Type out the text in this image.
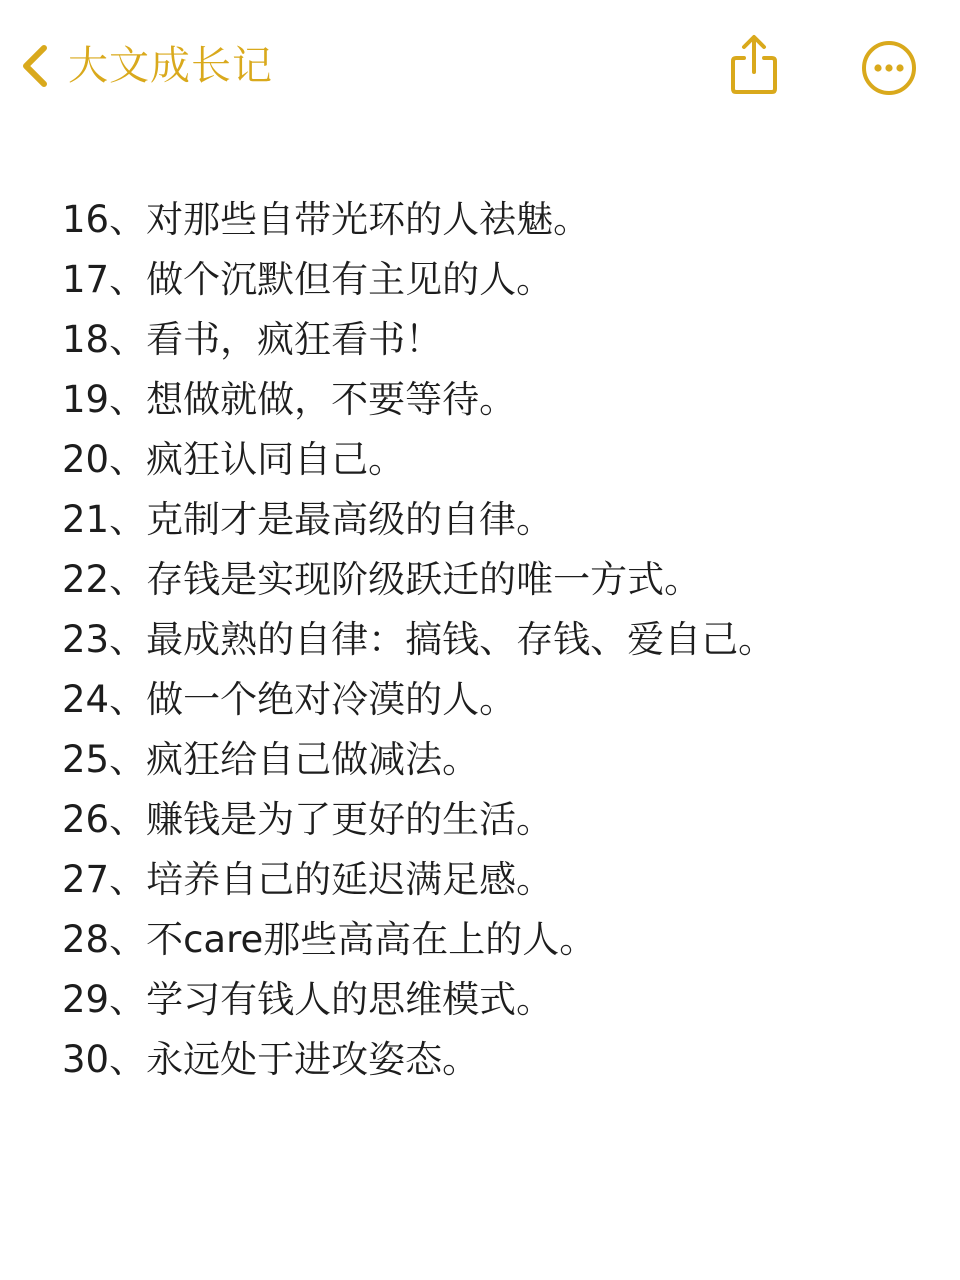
大文成长记
16、对那些自带光环的人祛魅。
17、做个沉默但有主见的人。
18、看书，疯狂看书！
19、想做就做，不要等待。
20、疯狂认同自己。
21、克制才是最高级的自律。
22、存钱是实现阶级跃迁的唯一方式。
23、最成熟的自律：搞钱、存钱、爱自己。
24、做一个绝对冷漠的人。
25、疯狂给自己做减法。
26、赚钱是为了更好的生活。
27、培养自己的延迟满足感。
28、不care那些高高在上的人。
29、学习有钱人的思维模式。
30、永远处于进攻姿态。
